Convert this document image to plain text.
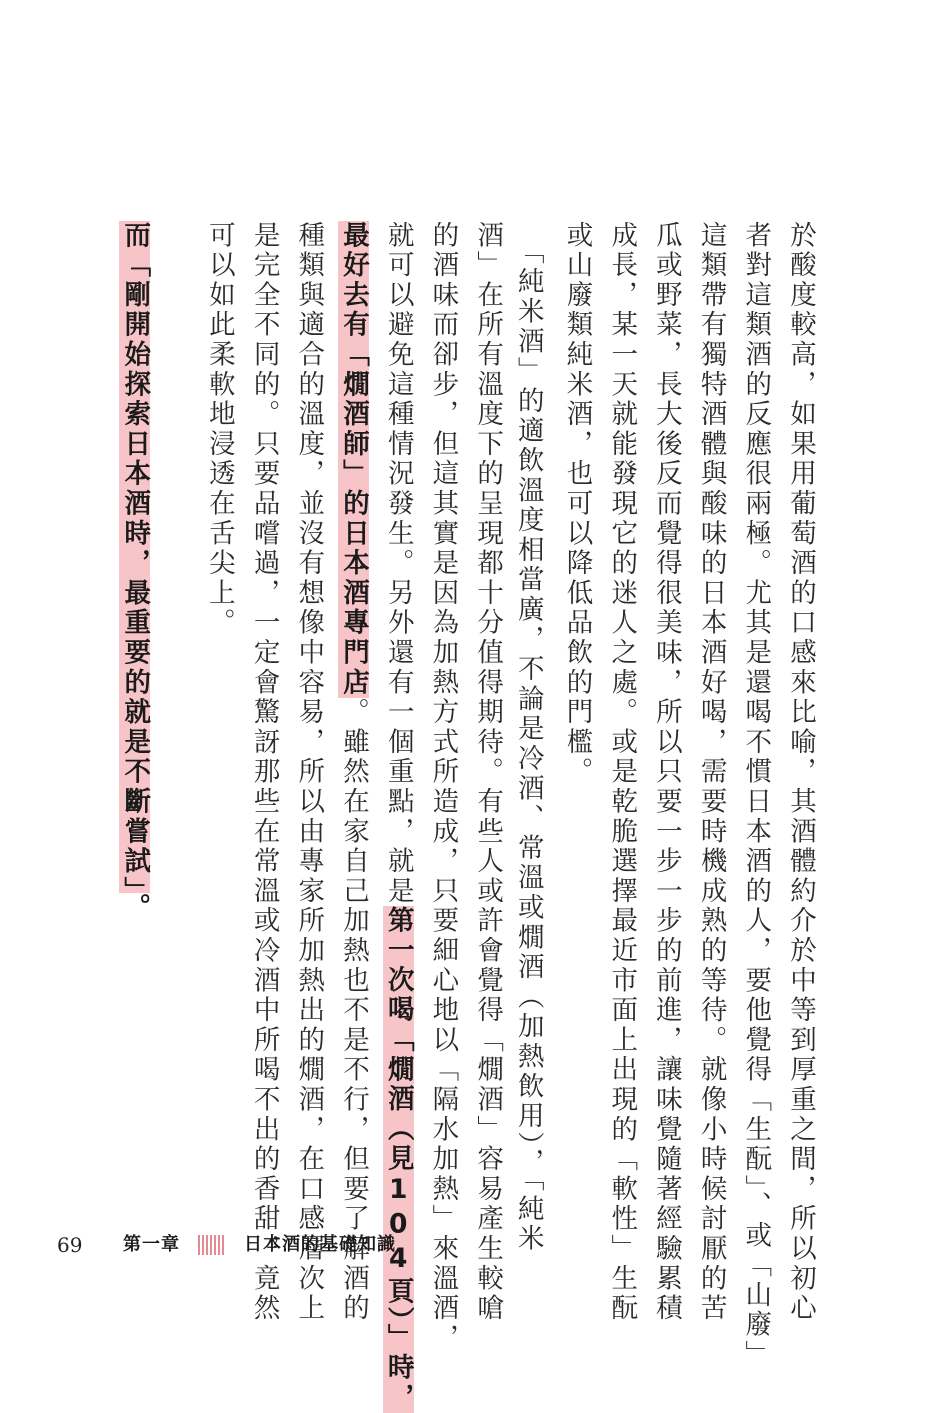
於酸度較高，如果用葡萄酒的口感來比喻，其酒體約介於中等到厚重之間，所以初心
者對這類酒的反應很兩極。尤其是還喝不慣日本酒的人，要他覺得「生酛」、或「山廢」
這類帶有獨特酒體與酸味的日本酒好喝，需要時機成熟的等待。就像小時候討厭的苦
瓜或野菜，長大後反而覺得很美味，所以只要一步一步的前進，讓味覺隨著經驗累積
成長，某一天就能發現它的迷人之處。或是乾脆選擇最近市面上出現的「軟性」生酛
或山廢類純米酒，也可以降低品飲的門檻。
　「純米酒」的適飲溫度相當廣，不論是冷酒、常溫或燗酒（加熱飲用），「純米
酒」在所有溫度下的呈現都十分值得期待。有些人或許會覺得「燗酒」容易產生較嗆
的酒味而卻步，但這其實是因為加熱方式所造成，只要細心地以「隔水加熱」來溫酒，
就可以避免這種情況發生。另外還有一個重點，就是第一次喝「燗酒（見104頁）」時，
最好去有「燗酒師」的日本酒專門店。雖然在家自己加熱也不是不行，但要了解酒的
種類與適合的溫度，並沒有想像中容易，所以由專家所加熱出的燗酒，在口感層次上
是完全不同的。只要品嚐過，一定會驚訝那些在常溫或冷酒中所喝不出的香甜，竟然
可以如此柔軟地浸透在舌尖上。
而「剛開始探索日本酒時，最重要的就是不斷嘗試」。
69 第一章	日本酒的基礎知識
